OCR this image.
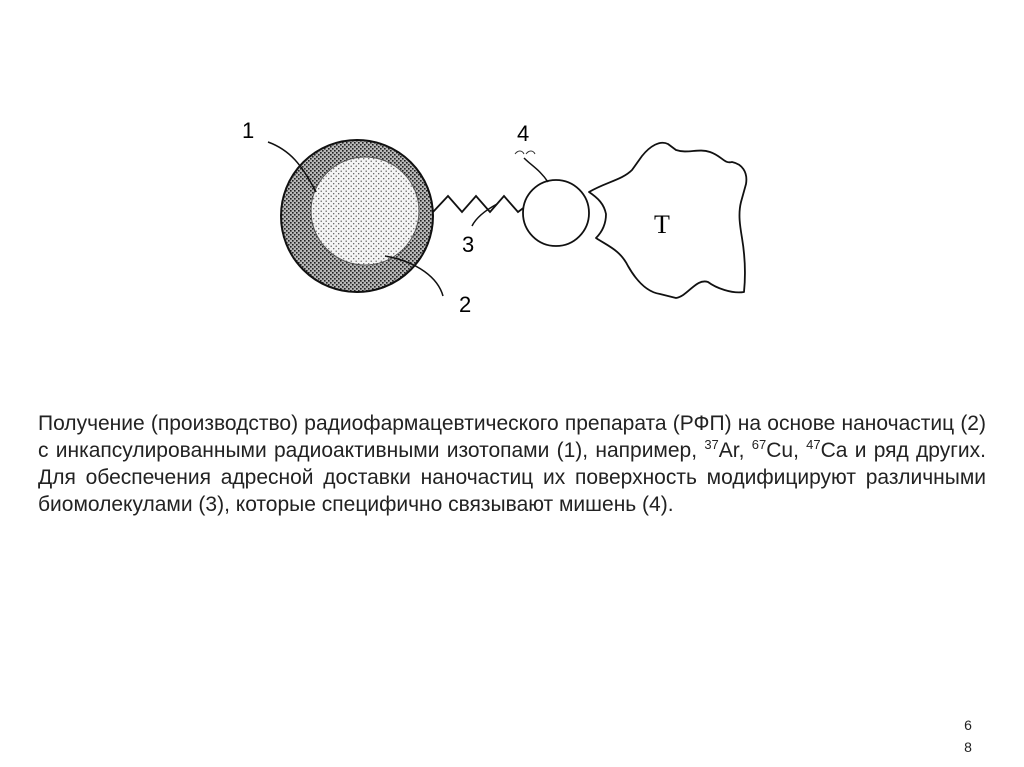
1	4
3
2
T

Получение (производство) радиофармацевтического препарата (РФП) на основе наночастиц (2) с инкапсулированными радиоактивными изотопами (1), например, $^{37}$Ar, $^{67}$Cu, $^{47}$Ca и ряд других. Для обеспечения адресной доставки наночастиц их поверхность модифицируют различными биомолекулами (3), которые специфично связывают мишень (4).

68
